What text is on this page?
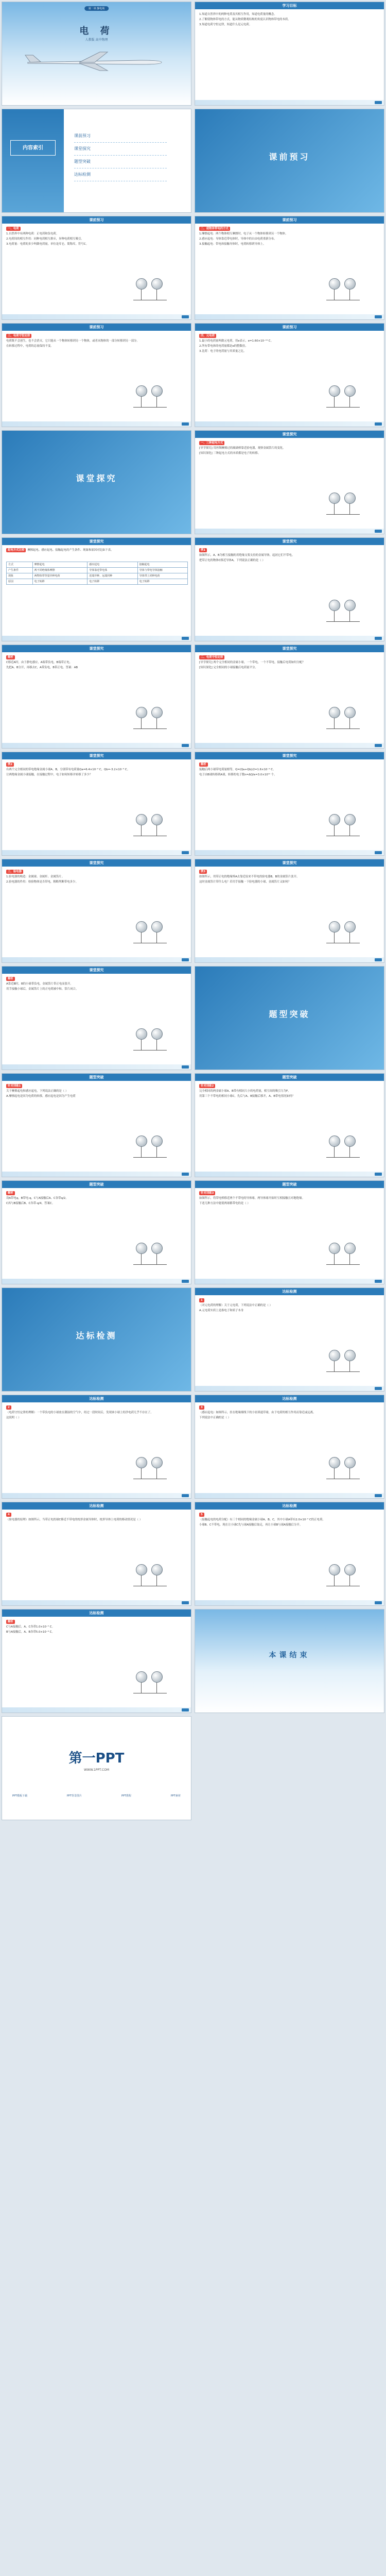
第一章 静电场
电 荷
人教版 高中物理
学习目标

1.知道自然界中的两种电荷及其相互作用，知道电荷量的概念。

2.了解使物体带电的方式，能从物质微观结构的角度认识物体带电的本质。

3.知道电荷守恒定律，知道什么是元电荷。

内容索引
课前预习
课堂探究
题型突破
达标检测
课前预习
课前预习

一、电荷

1.自然界中有两种电荷：正电荷和负电荷。

2.电荷间的相互作用：同种电荷相互排斥，异种电荷相互吸引。

3.电荷量：电荷的多少叫做电荷量，单位是库仑，简称库，符号C。

课前预习

二、使物体带电的方式

1.摩擦起电：两个物体相互摩擦时，电子从一个物体转移到另一个物体。

2.感应起电：导体靠近带电体时，导体中的自由电荷重新分布。

3.接触起电：带电体接触导体时，电荷转移到导体上。

课前预习

三、电荷守恒定律

电荷既不会创生，也不会消灭，它只能从一个物体转移到另一个物体，或者从物体的一部分转移到另一部分。

在转移过程中，电荷的总量保持不变。

课前预习

四、元电荷

1.最小的电荷量叫做元电荷，用e表示，e=1.60×10⁻¹⁹ C。

2.所有带电体的电荷量都是e的整数倍。

3.比荷：电子的电荷量与其质量之比。

课堂探究
课堂探究

一、三种起电方式

[导学探究] 用丝绸摩擦过的玻璃棒靠近验电器，观察金属箔片的变化。

[知识深化] 三种起电方式的本质都是电子的转移。

课堂探究

起电方式比较 摩擦起电、感应起电、接触起电的产生条件、现象和原因对比如下表。

方式	摩擦起电	感应起电	接触起电
产生条件	两不同绝缘体摩擦	导体靠近带电体	导体与带电导体接触
现象	两物体带等量异种电荷	近端异种，远端同种	导体带上同种电荷
原因	电子转移	电子转移	电子转移
课堂探究

例1

如图所示，A、B为相互接触的用绝缘支架支持的金属导体，起初它们不带电。

把带正电的物体C移近导体A，下列说法正确的是（ ）

课堂探究

解析

C移近A时，由于静电感应，A端带负电，B端带正电。

先把A、B分开，再移去C，A带负电，B带正电。答案：AB

课堂探究

二、电荷守恒定律

[导学探究] 两个完全相同的金属小球，一个带电，一个不带电，接触后电荷如何分配？

[知识深化] 完全相同的小球接触后电荷量平分。

课堂探究

例2

有两个完全相同的带电绝缘金属小球A、B，分别带有电荷量Qa=6.4×10⁻⁹ C，Qb=-3.2×10⁻⁹ C。

让两绝缘金属小球接触，在接触过程中，电子如何转移并转移了多少？

课堂探究

解析

接触后两小球带电荷量相等，Q=(Qa+Qb)/2=1.6×10⁻⁹ C。

电子由B球转移到A球，转移的电子数n=ΔQ/e=3.0×10¹⁰ 个。

课堂探究

三、验电器

1.验电器的构造：金属球、金属杆、金属箔片。

2.验电器的作用：检验物体是否带电，粗略判断带电多少。

课堂探究

例3

如图所示，用带正电的绝缘棒A去靠近原来不带电的验电器B，B的金属箔片张开。

这时金属箔片带什么电？若用手接触一下验电器的小球，金属箔片又如何？

课堂探究

解析

A靠近B时，B的小球带负电，金属箔片带正电而张开。

用手接触小球后，金属箔片上的正电荷被中和，箔片闭合。

题型突破
题型突破

针对训练1

关于摩擦起电和感应起电，下列说法正确的是（ ）

A.摩擦起电是因为电荷的转移，感应起电是因为产生电荷

题型突破

针对训练2

完全相同的两金属小球A、B带有相同大小的电荷量，相互间的吸引力为F。

用第三个不带电的相同小球C，先后与A、B接触后移开，A、B带电情况如何？

题型突破

解析

设A带电q，B带电-q，C与A接触后A、C各带q/2。

C再与B接触后B、C各带-q/4，答案C。

题型突破

针对训练3

如图所示，将带电棒移近两个不带电的导体球，两导体球开始时互相接触且对地绝缘。

下述几种方法中能使两球都带电的是（ ）

达标检测
达标检测

1

（对元电荷的理解）关于元电荷，下列说法中正确的是（ ）

A.元电荷实质上是指电子和质子本身

达标检测

2

（电荷守恒定律的理解）一个带负电的小球放在潮湿的空气中，经过一段时间后，发现该小球上的净电荷几乎不存在了。

这说明（ ）

达标检测

3

（感应起电）如图所示，挂在绝缘细线下的小轻质通草球，由于电荷的相互作用而靠近或远离。

下列说法中正确的是（ ）

达标检测

4

（验电器的原理）如图所示，当带正电的球C移近不带电的枕形金属导体时，枕形导体上电荷的移动情况是（ ）

达标检测

5

（接触起电的电荷分配）有三个相同的绝缘金属小球A、B、C，其中小球A带有2.0×10⁻⁵ C的正电荷。

小球B、C不带电，现在让小球C先与球A接触后取走，再让小球B与球A接触后分开。

达标检测

解析

C与A接触后，A、C各带1.0×10⁻⁵ C。

B与A接触后，A、B各带5.0×10⁻⁶ C。

本课结束
第一PPT
WWW.1PPT.COM
PPT模板下载	PPT背景图片	PPT教程	PPT素材
